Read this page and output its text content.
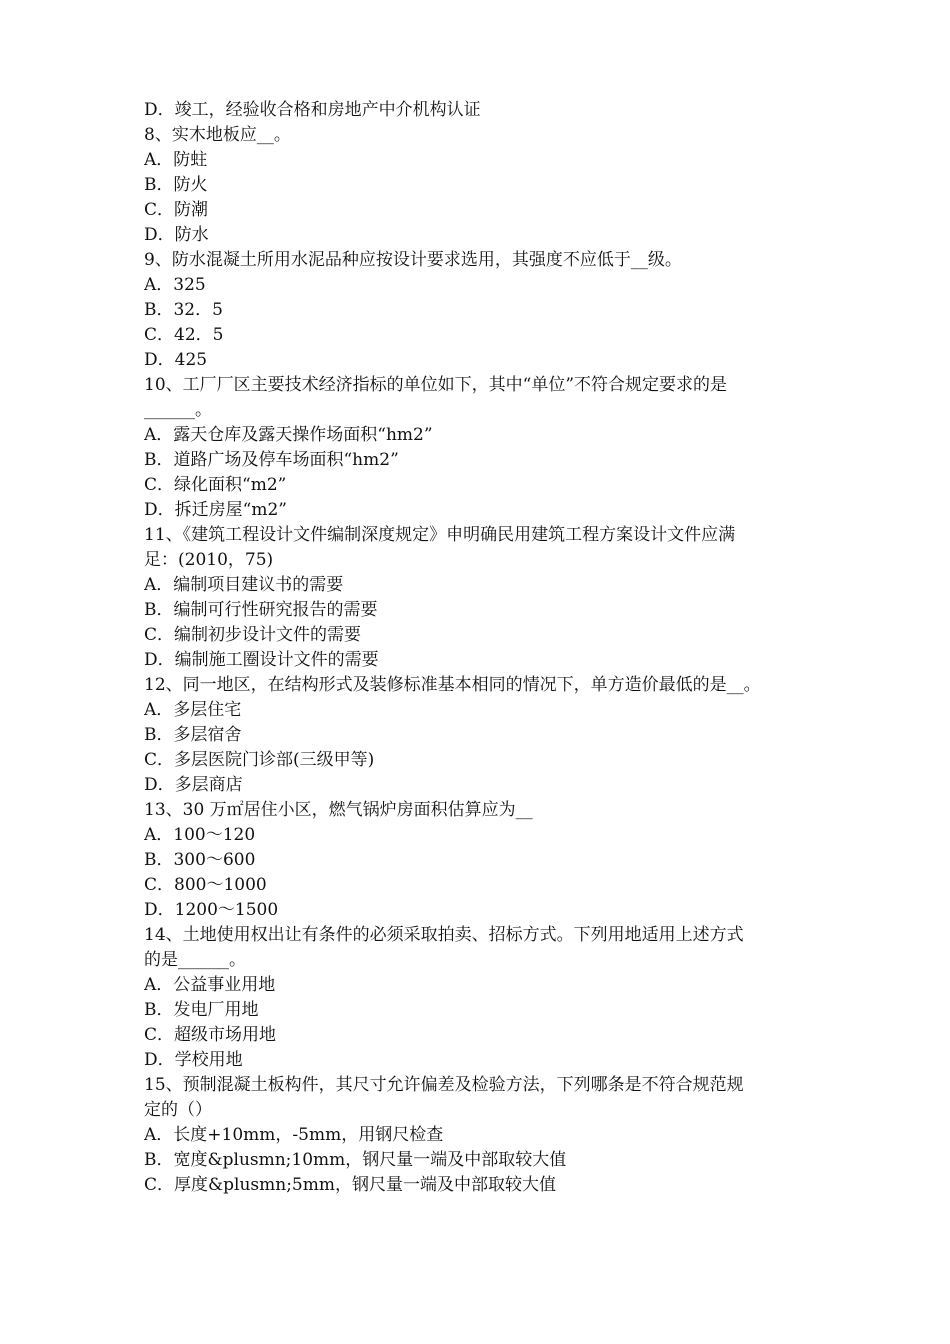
D．竣工，经验收合格和房地产中介机构认证
8、实木地板应__。
A．防蛀
B．防火
C．防潮
D．防水
9、防水混凝土所用水泥品种应按设计要求选用，其强度不应低于__级。
A．325
B．32．5
C．42．5
D．425
10、工厂厂区主要技术经济指标的单位如下，其中“单位”不符合规定要求的是
______。
A．露天仓库及露天操作场面积“hm2”
B．道路广场及停车场面积“hm2”
C．绿化面积“m2”
D．拆迁房屋“m2”
11、《建筑工程设计文件编制深度规定》申明确民用建筑工程方案设计文件应满
足：(2010，75)
A．编制项目建议书的需要
B．编制可行性研究报告的需要
C．编制初步设计文件的需要
D．编制施工圈设计文件的需要
12、同一地区，在结构形式及装修标准基本相同的情况下，单方造价最低的是__。
A．多层住宅
B．多层宿舍
C．多层医院门诊部(三级甲等)
D．多层商店
13、30 万㎡居住小区，燃气锅炉房面积估算应为__
A．100～120
B．300～600
C．800～1000
D．1200～1500
14、土地使用权出让有条件的必须采取拍卖、招标方式。下列用地适用上述方式
的是______。
A．公益事业用地
B．发电厂用地
C．超级市场用地
D．学校用地
15、预制混凝土板构件，其尺寸允许偏差及检验方法，下列哪条是不符合规范规
定的（）
A．长度+10mm，-5mm，用钢尺检查
B．宽度&plusmn;10mm，钢尺量一端及中部取较大值
C．厚度&plusmn;5mm，钢尺量一端及中部取较大值
